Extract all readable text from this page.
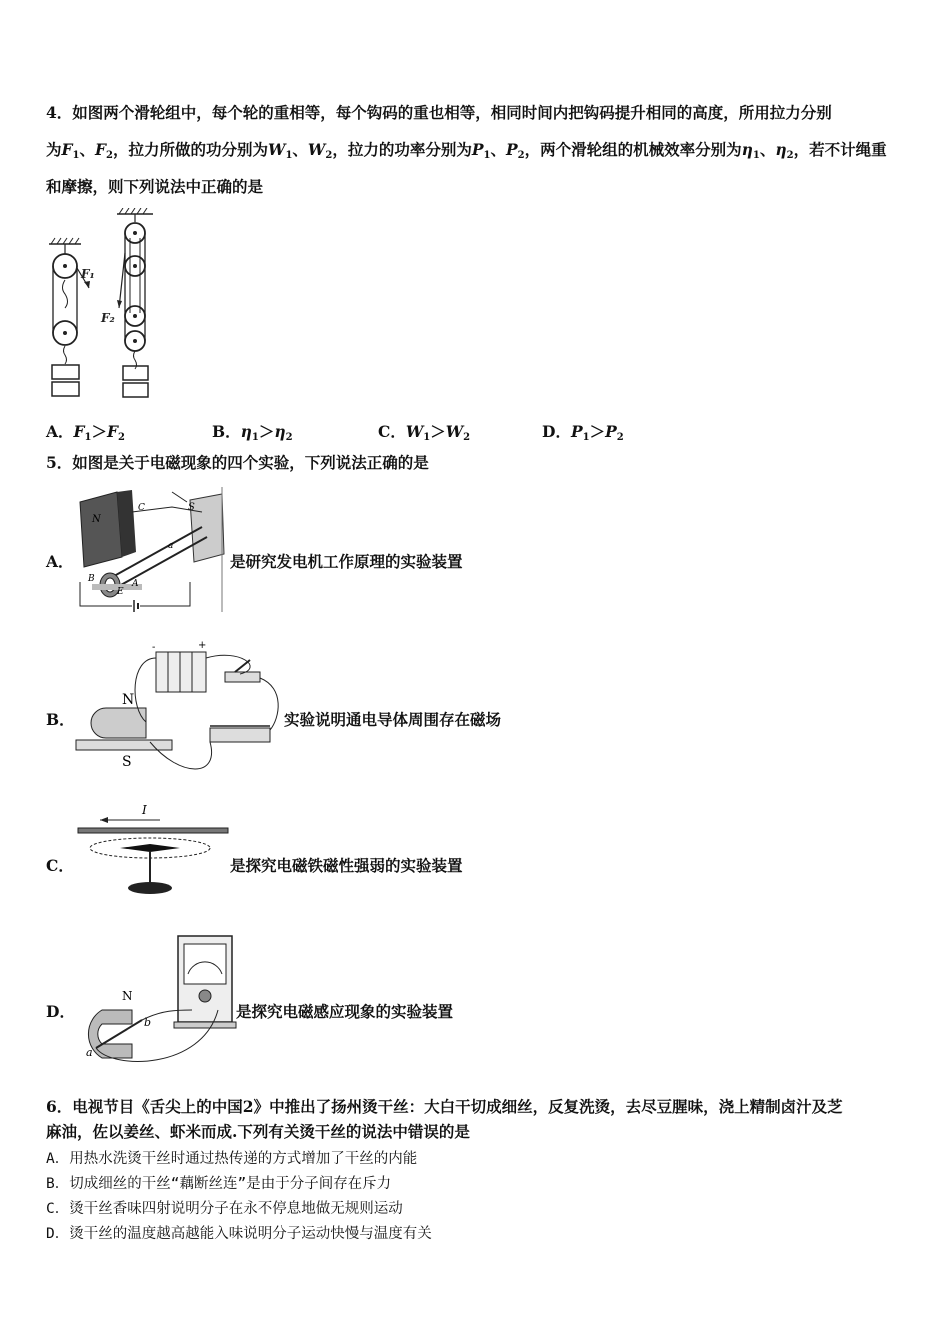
4．如图两个滑轮组中，每个轮的重相等，每个钩码的重也相等，相同时间内把钩码提升相同的高度，所用拉力分别
为$F_1$、$F_2$，拉力所做的功分别为$W_1$、$W_2$，拉力的功率分别为$P_1$、$P_2$，两个滑轮组的机械效率分别为$\eta_1$、$\eta_2$，若不计绳重
和摩擦，则下列说法中正确的是
F₁
F₂
A．$F_1>F_2$	B．$\eta_1>\eta_2$	C．$W_1>W_2$	D．$P_1>P_2$
5．如图是关于电磁现象的四个实验，下列说法正确的是
A．
S
N
C
a
B
E
A
是研究发电机工作原理的实验装置
B．
-	+
N
S
实验说明通电导体周围存在磁场
C．
I
是探究电磁铁磁性强弱的实验装置
D．
N
a
b
是探究电磁感应现象的实验装置
6．电视节目《舌尖上的中国2》中推出了扬州烫干丝：大白干切成细丝，反复洗烫，去尽豆腥味，浇上精制卤汁及芝
麻油，佐以姜丝、虾米而成.下列有关烫干丝的说法中错误的是
A．用热水洗烫干丝时通过热传递的方式增加了干丝的内能
B．切成细丝的干丝“藕断丝连”是由于分子间存在斥力
C．烫干丝香味四射说明分子在永不停息地做无规则运动
D．烫干丝的温度越高越能入味说明分子运动快慢与温度有关
